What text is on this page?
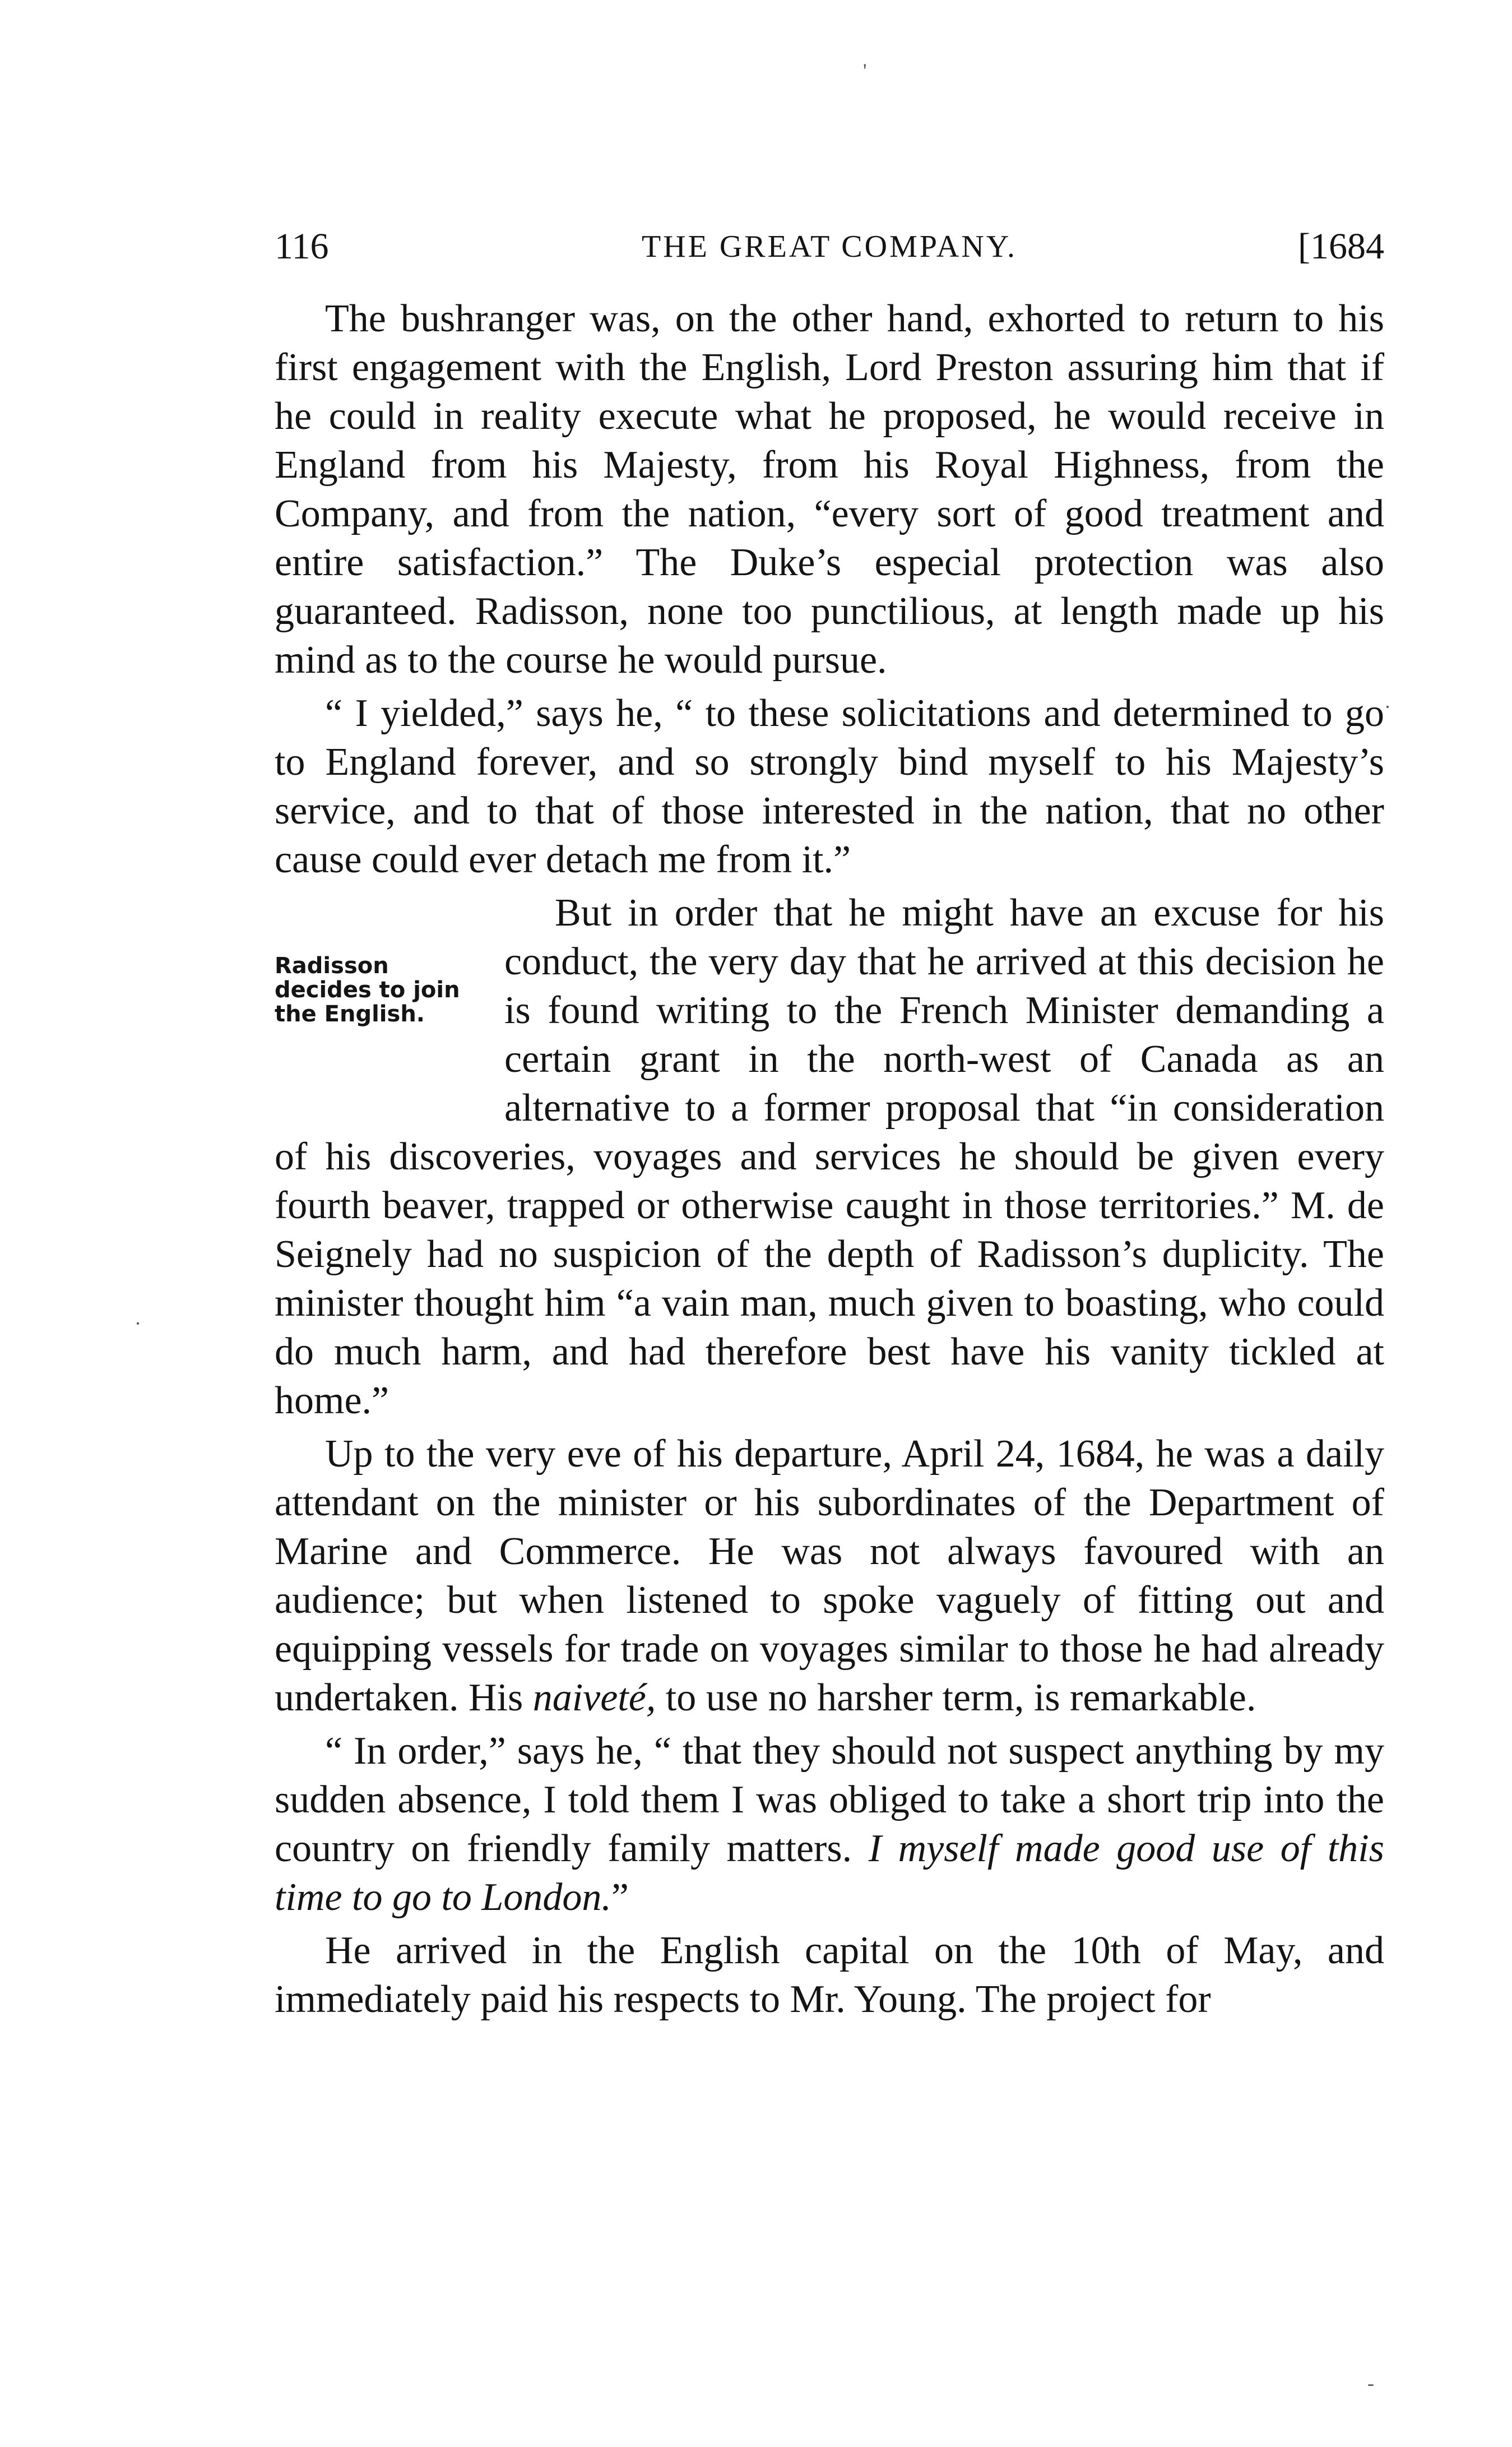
116	THE GREAT COMPANY.	[1684

The bushranger was, on the other hand, exhorted to return to his first engagement with the English, Lord Preston assuring him that if he could in reality execute what he proposed, he would receive in England from his Majesty, from his Royal Highness, from the Company, and from the nation, “every sort of good treatment and entire satisfaction.” The Duke’s especial protection was also guaranteed. Radisson, none too punctilious, at length made up his mind as to the course he would pursue.

“ I yielded,” says he, “ to these solicitations and determined to go to England forever, and so strongly bind myself to his Majesty’s service, and to that of those interested in the nation, that no other cause could ever detach me from it.”

Radisson decides to join the English.
But in order that he might have an excuse for his conduct, the very day that he arrived at this decision he is found writing to the French Minister demanding a certain grant in the north-west of Canada as an alternative to a former proposal that “in consideration of his discoveries, voyages and services he should be given every fourth beaver, trapped or otherwise caught in those territories.” M. de Seignely had no suspicion of the depth of Radisson’s duplicity. The minister thought him “a vain man, much given to boasting, who could do much harm, and had therefore best have his vanity tickled at home.”

Up to the very eve of his departure, April 24, 1684, he was a daily attendant on the minister or his subordinates of the Department of Marine and Commerce. He was not always favoured with an audience; but when listened to spoke vaguely of fitting out and equipping vessels for trade on voyages similar to those he had already undertaken. His naiveté, to use no harsher term, is remarkable.

“ In order,” says he, “ that they should not suspect anything by my sudden absence, I told them I was obliged to take a short trip into the country on friendly family matters. I myself made good use of this time to go to London.”

He arrived in the English capital on the 10th of May, and immediately paid his respects to Mr. Young. The project for

'
·
·
-
